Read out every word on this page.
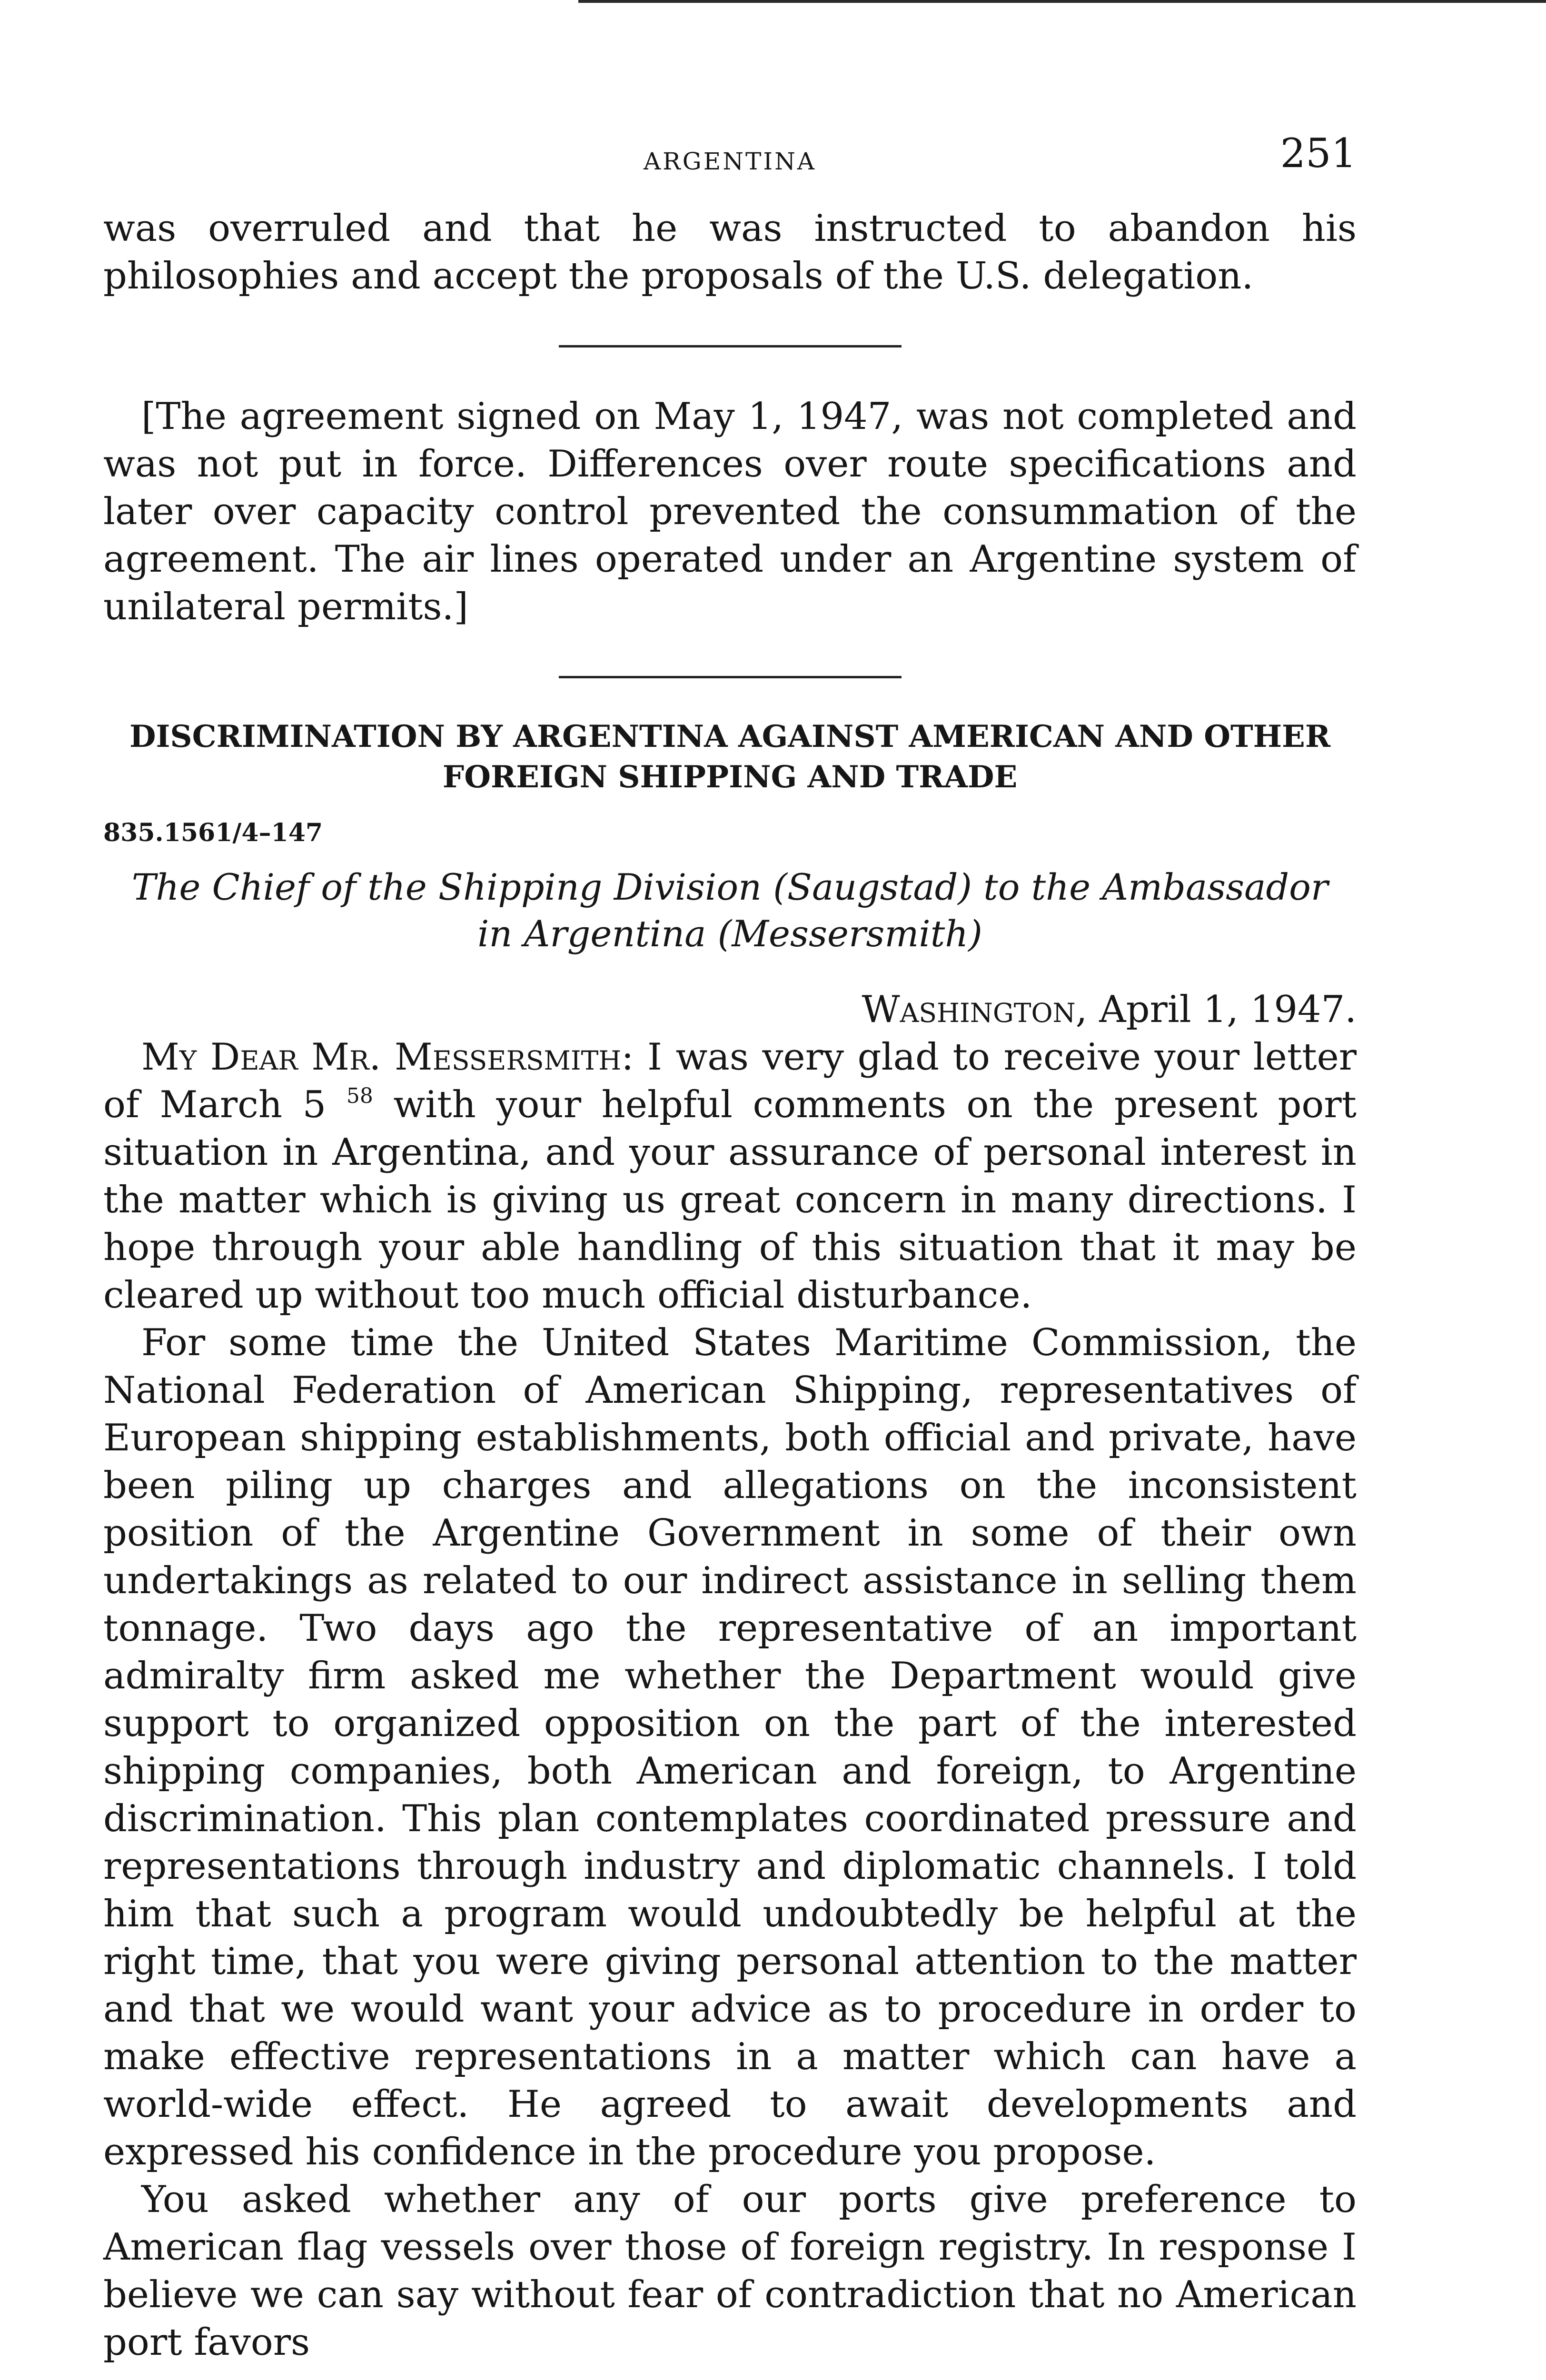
ARGENTINA	251

was overruled and that he was instructed to abandon his philosophies and accept the proposals of the U.S. delegation.

[The agreement signed on May 1, 1947, was not completed and was not put in force. Differences over route specifications and later over capacity control prevented the consummation of the agreement. The air lines operated under an Argentine system of unilateral permits.]

DISCRIMINATION BY ARGENTINA AGAINST AMERICAN AND OTHER
FOREIGN SHIPPING AND TRADE
835.1561/4–147
The Chief of the Shipping Division (Saugstad) to the Ambassador
in Argentina (Messersmith)
Washington, April 1, 1947.

My Dear Mr. Messersmith: I was very glad to receive your letter of March 5 $^{58}$ with your helpful comments on the present port situation in Argentina, and your assurance of personal interest in the matter which is giving us great concern in many directions. I hope through your able handling of this situation that it may be cleared up without too much official disturbance.

For some time the United States Maritime Commission, the National Federation of American Shipping, representatives of European shipping establishments, both official and private, have been piling up charges and allegations on the inconsistent position of the Argentine Government in some of their own undertakings as related to our indirect assistance in selling them tonnage. Two days ago the representative of an important admiralty firm asked me whether the Department would give support to organized opposition on the part of the interested shipping companies, both American and foreign, to Argentine discrimination. This plan contemplates coordinated pressure and representations through industry and diplomatic channels. I told him that such a program would undoubtedly be helpful at the right time, that you were giving personal attention to the matter and that we would want your advice as to procedure in order to make effective representations in a matter which can have a world-wide effect. He agreed to await developments and expressed his confidence in the procedure you propose.

You asked whether any of our ports give preference to American flag vessels over those of foreign registry. In response I believe we can say without fear of contradiction that no American port favors
